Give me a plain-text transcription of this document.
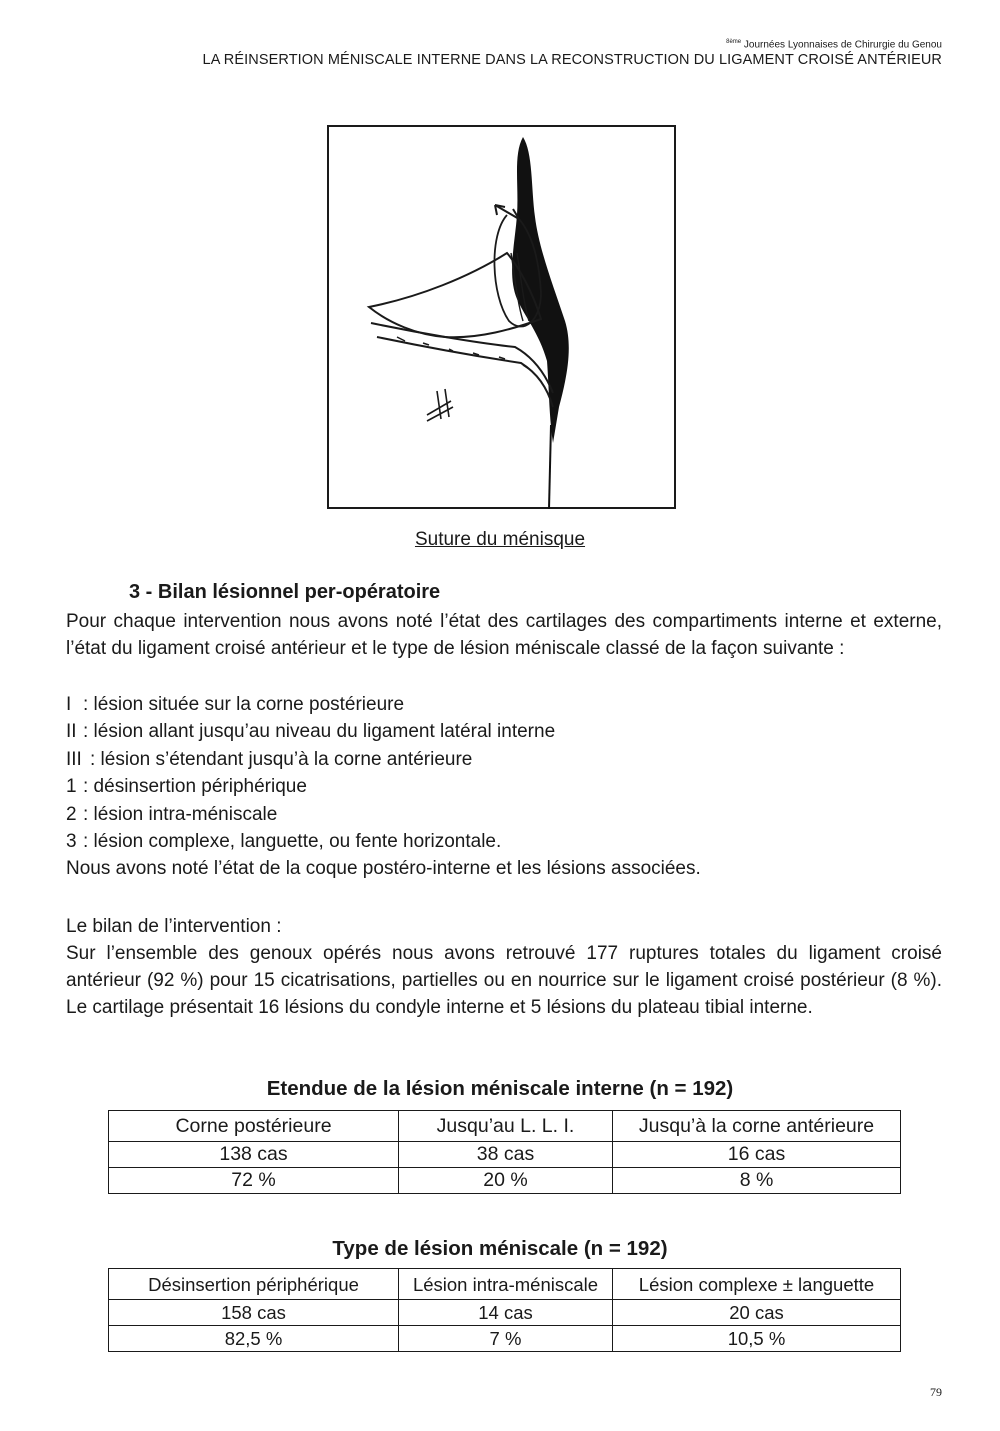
$^{8ème}$ Journées Lyonnaises de Chirurgie du Genou
LA RÉINSERTION MÉNISCALE INTERNE DANS LA RECONSTRUCTION DU LIGAMENT CROISÉ ANTÉRIEUR
Suture du ménisque
3 - Bilan lésionnel per-opératoire
Pour chaque intervention nous avons noté l’état des cartilages des compartiments interne et externe, l’état du ligament croisé antérieur et le type de lésion méniscale classé de la façon suivante :
I : lésion située sur la corne postérieure
II : lésion allant jusqu’au niveau du ligament latéral interne
III : lésion s’étendant jusqu’à la corne antérieure
1 : désinsertion périphérique
2 : lésion intra-méniscale
3 : lésion complexe, languette, ou fente horizontale.
Nous avons noté l’état de la coque postéro-interne et les lésions associées.

Le bilan de l’intervention :

Sur l’ensemble des genoux opérés nous avons retrouvé 177 ruptures totales du ligament croisé antérieur (92 %) pour 15 cicatrisations, partielles ou en nourrice sur le ligament croisé postérieur (8 %). Le cartilage présentait 16 lésions du condyle interne et 5 lésions du plateau tibial interne.

Etendue de la lésion méniscale interne (n = 192)
Corne postérieure	Jusqu’au L. L. I.	Jusqu’à la corne antérieure
138 cas	38 cas	16 cas
72 %	20 %	8 %
Type de lésion méniscale (n = 192)
Désinsertion périphérique	Lésion intra-méniscale	Lésion complexe ± languette
158 cas	14 cas	20 cas
82,5 %	7 %	10,5 %
79
